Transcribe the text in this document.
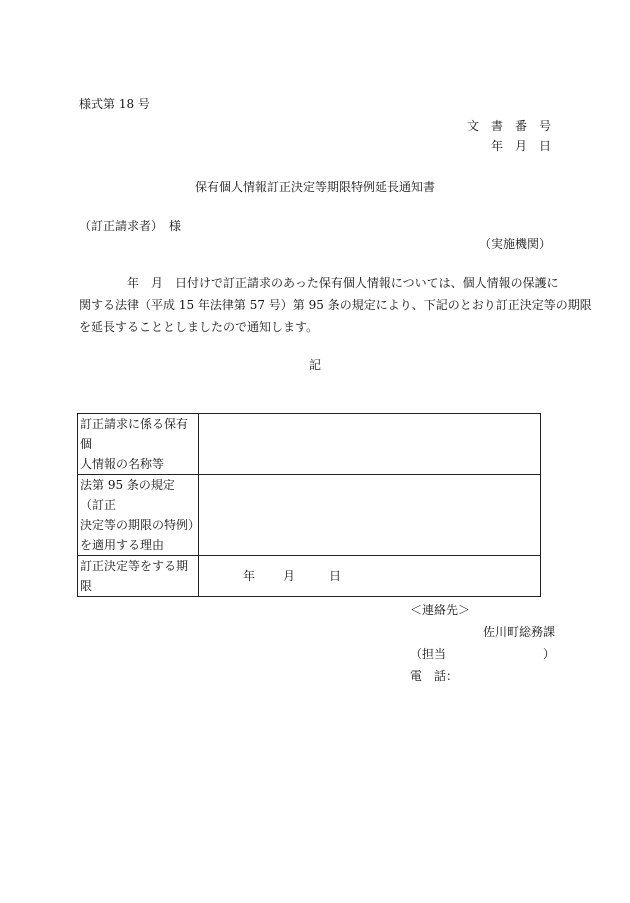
様式第 18 号
文　書　番　号
年　月　日
保有個人情報訂正決定等期限特例延長通知書
（訂正請求者）　様
（実施機関）
年　月　日付けで訂正請求のあった保有個人情報については、個人情報の保護に
関する法律（平成 15 年法律第 57 号）第 95 条の規定により、下記のとおり訂正決定等の期限
を延長することとしましたので通知します。
記
訂正請求に係る保有個
人情報の名称等	

法第 95 条の規定（訂正
決定等の期限の特例）
を適用する理由	

訂正決定等をする期限	年 月 日
＜連絡先＞
佐川町総務課
（担当	）
電　話：
